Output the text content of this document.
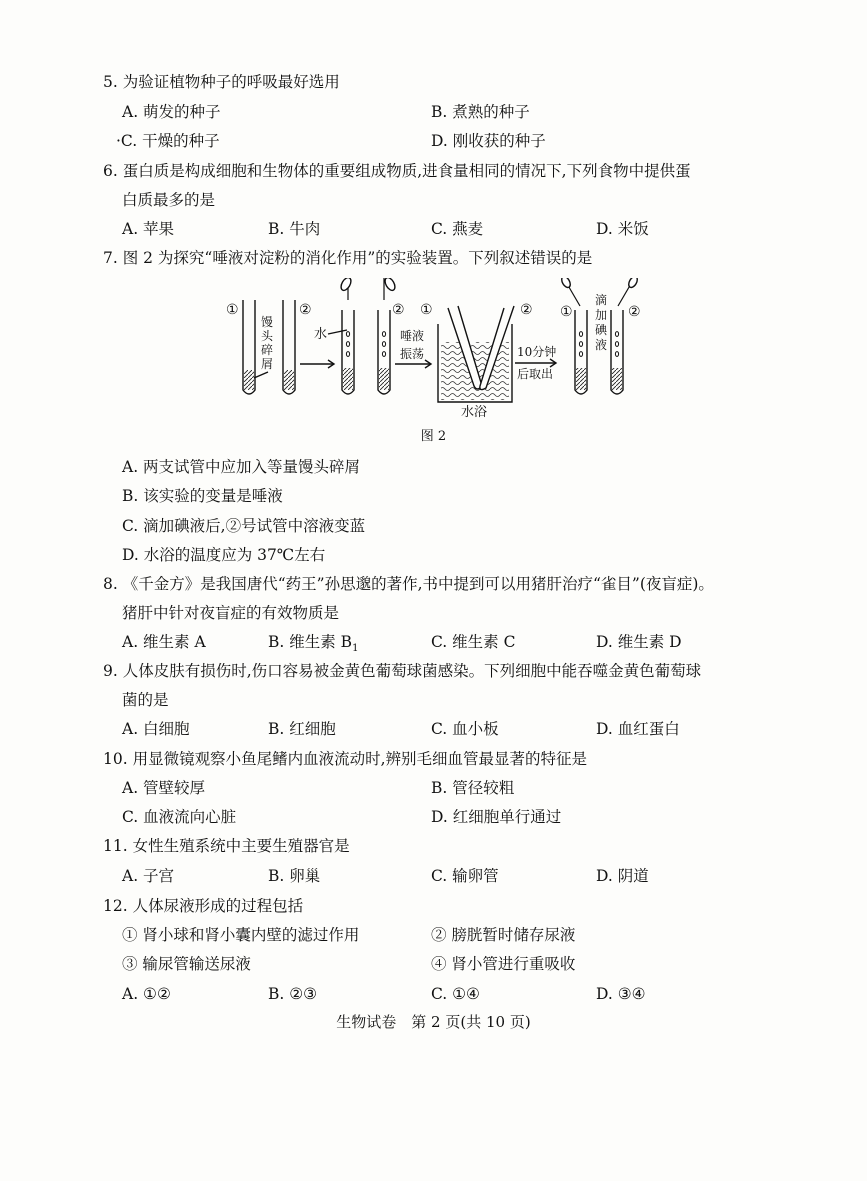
5. 为验证植物种子的呼吸最好选用
A. 萌发的种子	B. 煮熟的种子
·C. 干燥的种子	D. 刚收获的种子
6. 蛋白质是构成细胞和生物体的重要组成物质,进食量相同的情况下,下列食物中提供蛋
白质最多的是
A. 苹果	B. 牛肉	C. 燕麦	D. 米饭
7. 图 2 为探究“唾液对淀粉的消化作用”的实验装置。下列叙述错误的是
①	②
馒
头
碎
屑
水
②
唾液
振荡
①	②
水浴
10分钟
后取出
①
滴
加
碘
液
②
图 2
A. 两支试管中应加入等量馒头碎屑
B. 该实验的变量是唾液
C. 滴加碘液后,②号试管中溶液变蓝
D. 水浴的温度应为 37℃左右
8. 《千金方》是我国唐代“药王”孙思邈的著作,书中提到可以用猪肝治疗“雀目”(夜盲症)。
猪肝中针对夜盲症的有效物质是
A. 维生素 A	B. 维生素 $B_1$	C. 维生素 C	D. 维生素 D
9. 人体皮肤有损伤时,伤口容易被金黄色葡萄球菌感染。下列细胞中能吞噬金黄色葡萄球
菌的是
A. 白细胞	B. 红细胞	C. 血小板	D. 血红蛋白
10. 用显微镜观察小鱼尾鳍内血液流动时,辨别毛细血管最显著的特征是
A. 管壁较厚	B. 管径较粗
C. 血液流向心脏	D. 红细胞单行通过
11. 女性生殖系统中主要生殖器官是
A. 子宫	B. 卵巢	C. 输卵管	D. 阴道
12. 人体尿液形成的过程包括
① 肾小球和肾小囊内壁的滤过作用	② 膀胱暂时储存尿液
③ 输尿管输送尿液	④ 肾小管进行重吸收
A. ①②	B. ②③	C. ①④	D. ③④
生物试卷　第 2 页(共 10 页)
